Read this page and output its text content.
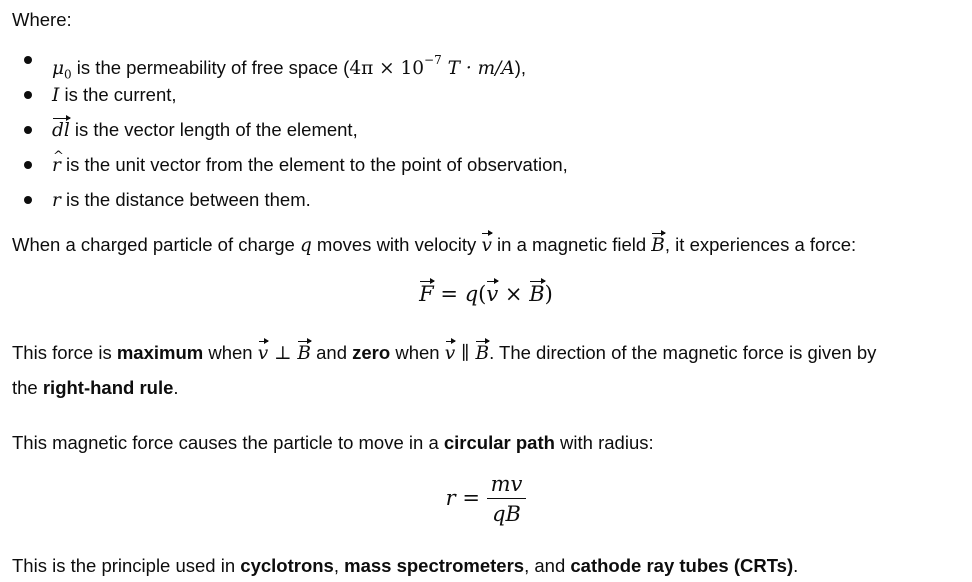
Where:
$\mu_0$ is the permeability of free space ($4\pi \times 10^{-7}$ T · m/A),
I is the current,
dl is the vector length of the element,
r ^ is the unit vector from the element to the point of observation,
r is the distance between them.
When a charged particle of charge q moves with velocity v in a magnetic field B, it experiences a force:
F = q(v × B)
This force is maximum when v ⊥ B and zero when v ∥ B. The direction of the magnetic force is given by
the right-hand rule.
This magnetic force causes the particle to move in a circular path with radius:
$r = \frac{mv}{qB}$
This is the principle used in cyclotrons, mass spectrometers, and cathode ray tubes (CRTs).
